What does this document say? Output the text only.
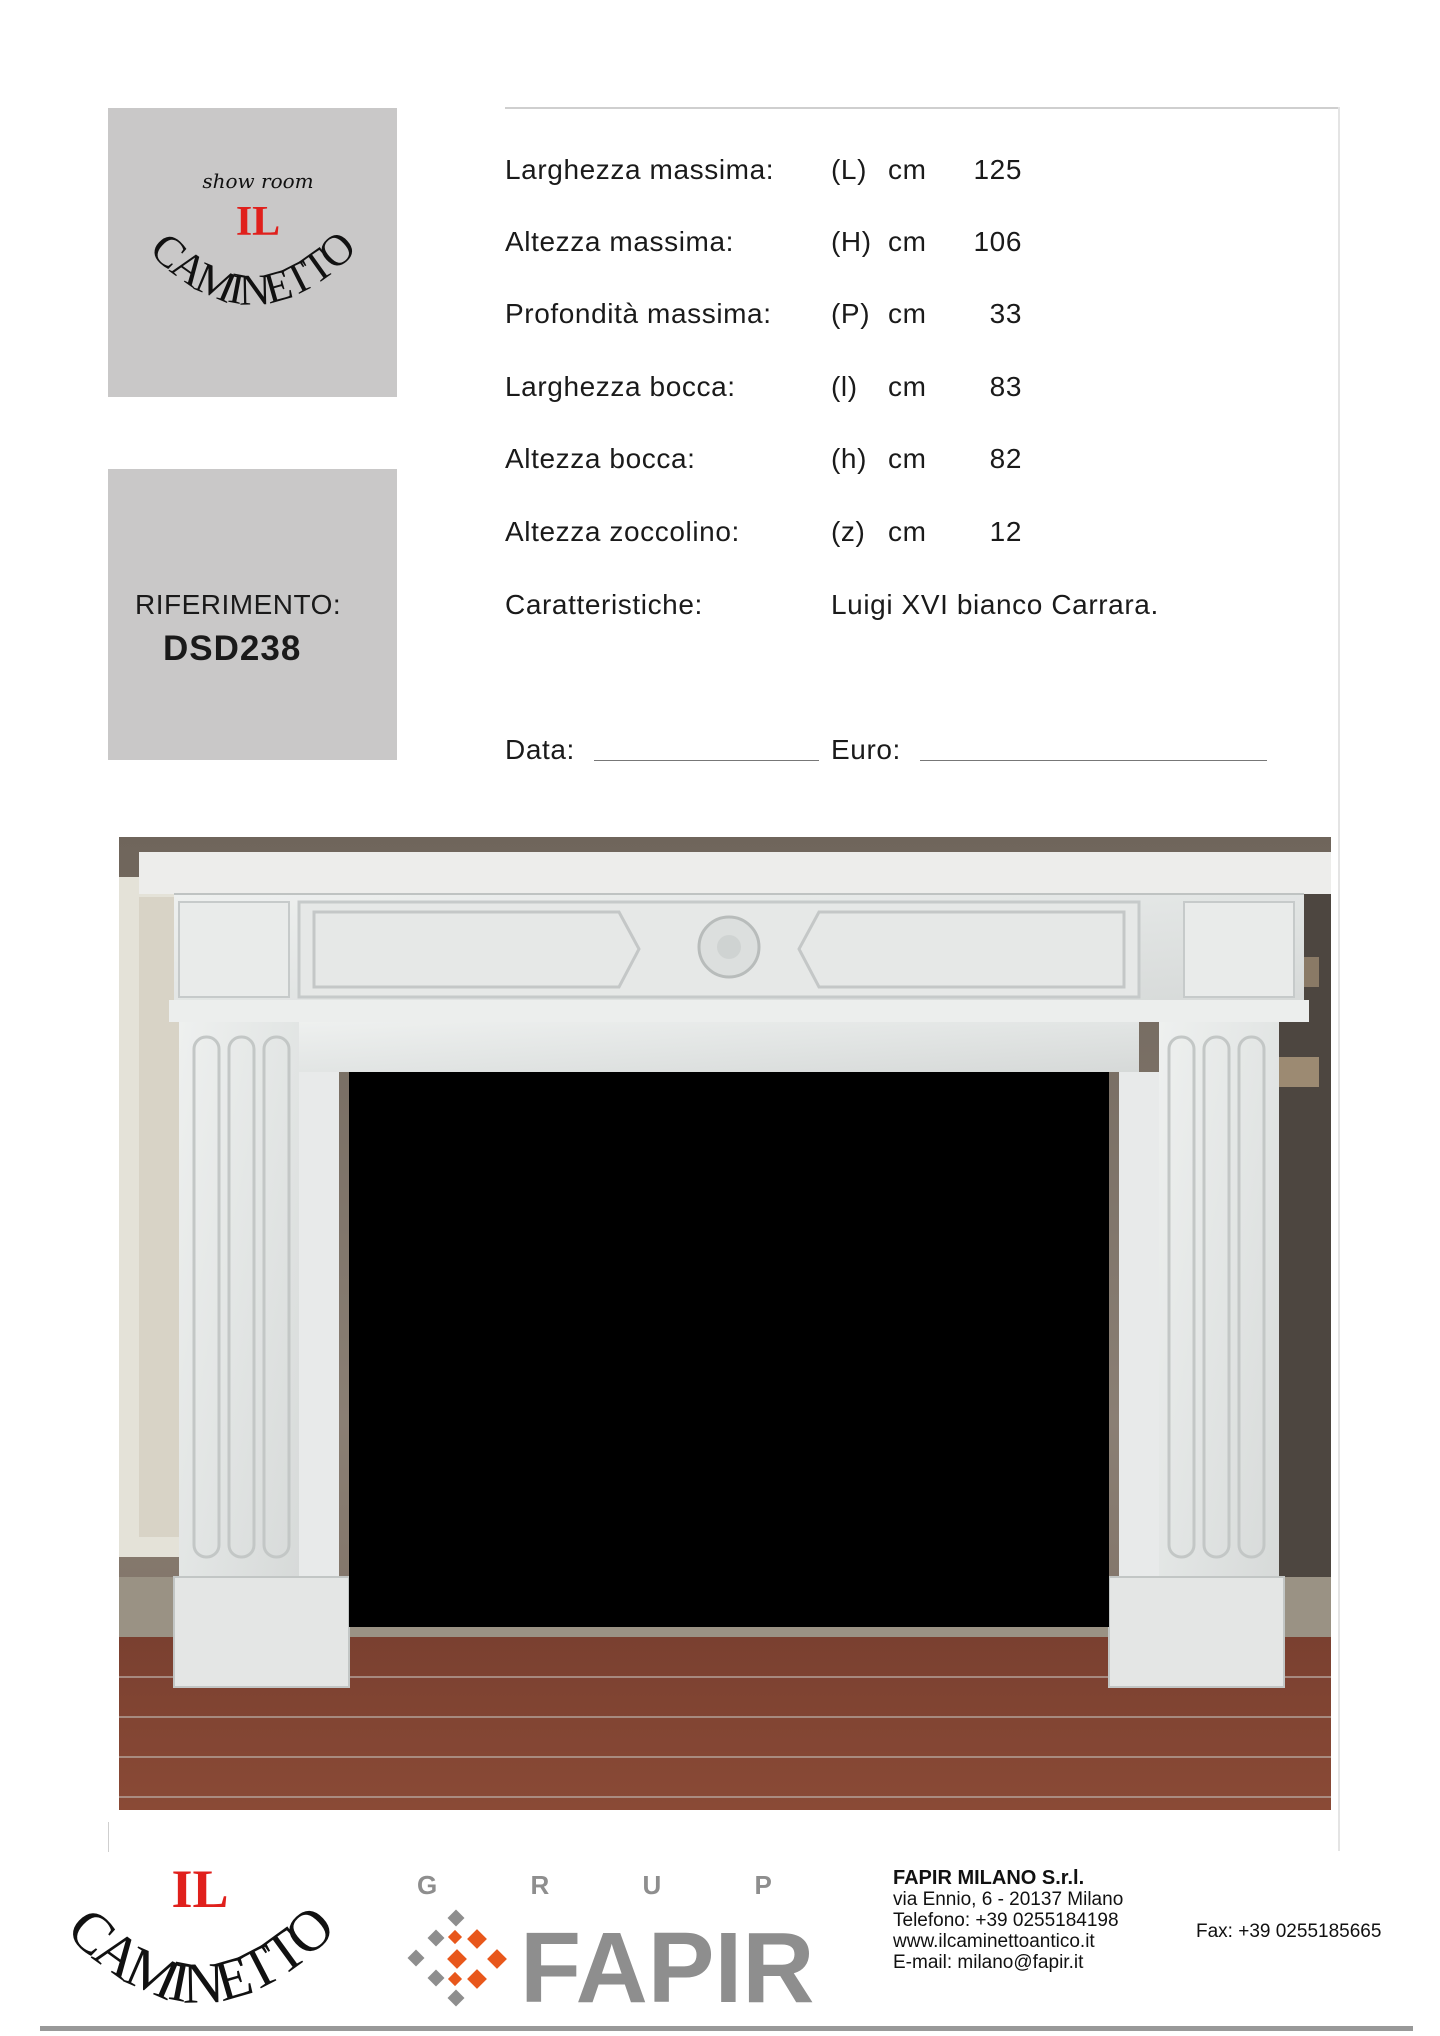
show room
IL
CAMINETTO
RIFERIMENTO:
DSD238
Larghezza massima: (L) cm	125
Altezza massima:	(H) cm	106
Profondità massima: (P) cm	33
Larghezza bocca:	(l) cm	83
Altezza bocca:	(h) cm	82
Altezza zoccolino:	(z) cm	12
Caratteristiche:	Luigi XVI bianco Carrara.
Data:	Euro:
IL
CAMINETTO
G R U P
FAPIR
FAPIR MILANO S.r.l.
via Ennio, 6 - 20137 Milano
Telefono: +39 0255184198
www.ilcaminettoantico.it
E-mail: milano@fapir.it
Fax: +39 0255185665
